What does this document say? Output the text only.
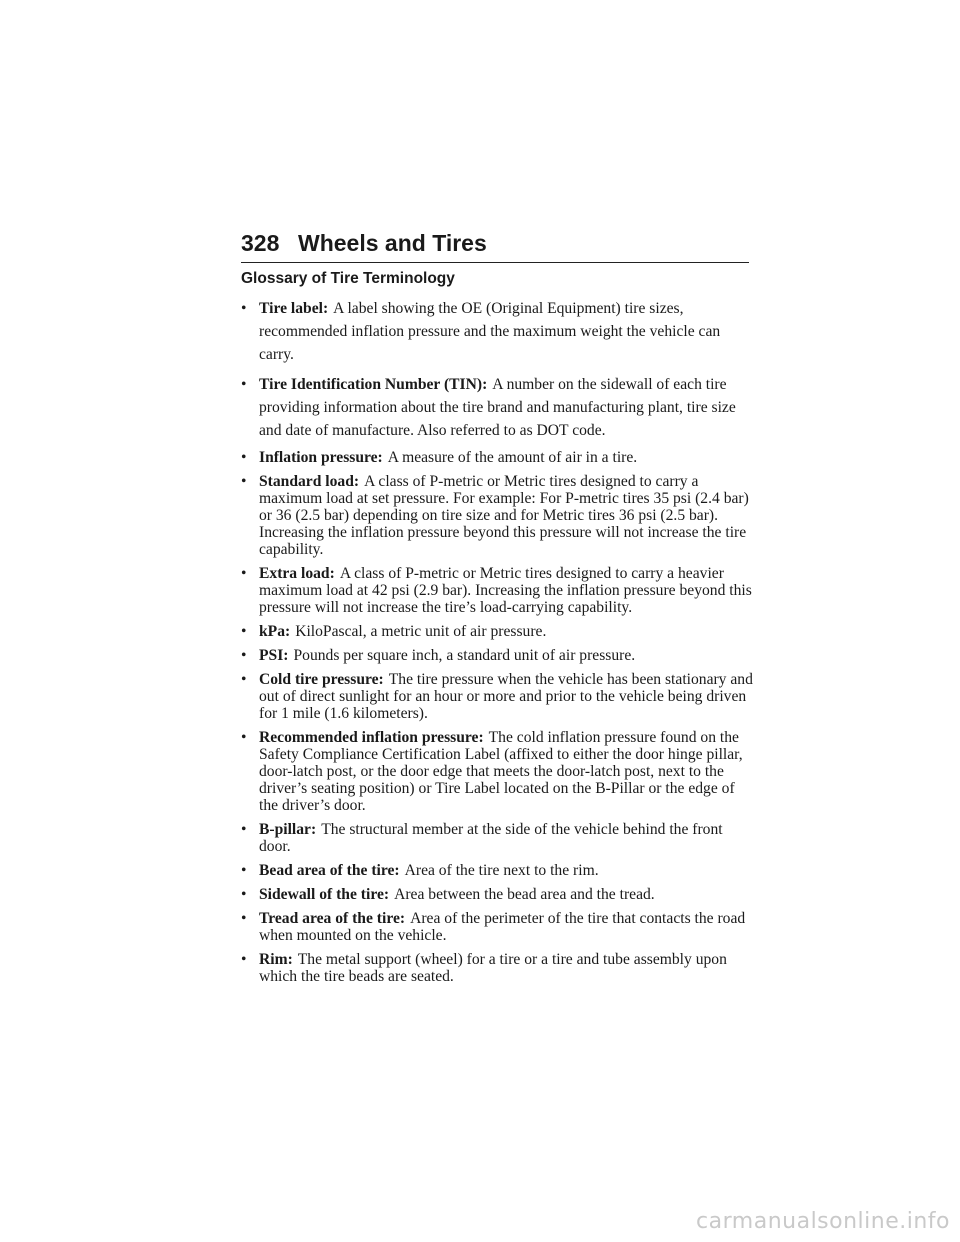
328 Wheels and Tires
Glossary of Tire Terminology
• Tire label: A label showing the OE (Original Equipment) tire sizes, recommended inflation pressure and the maximum weight the vehicle can carry.
• Tire Identification Number (TIN): A number on the sidewall of each tire providing information about the tire brand and manufacturing plant, tire size and date of manufacture. Also referred to as DOT code.
• Inflation pressure: A measure of the amount of air in a tire.
• Standard load: A class of P-metric or Metric tires designed to carry a maximum load at set pressure. For example: For P-metric tires 35 psi (2.4 bar) or 36 (2.5 bar) depending on tire size and for Metric tires 36 psi (2.5 bar). Increasing the inflation pressure beyond this pressure will not increase the tire capability.
• Extra load: A class of P-metric or Metric tires designed to carry a heavier maximum load at 42 psi (2.9 bar). Increasing the inflation pressure beyond this pressure will not increase the tire’s load-carrying capability.
• kPa: KiloPascal, a metric unit of air pressure.
• PSI: Pounds per square inch, a standard unit of air pressure.
• Cold tire pressure: The tire pressure when the vehicle has been stationary and out of direct sunlight for an hour or more and prior to the vehicle being driven for 1 mile (1.6 kilometers).
• Recommended inflation pressure: The cold inflation pressure found on the Safety Compliance Certification Label (affixed to either the door hinge pillar, door-latch post, or the door edge that meets the door-latch post, next to the driver’s seating position) or Tire Label located on the B-Pillar or the edge of the driver’s door.
• B-pillar: The structural member at the side of the vehicle behind the front door.
• Bead area of the tire: Area of the tire next to the rim.
• Sidewall of the tire: Area between the bead area and the tread.
• Tread area of the tire: Area of the perimeter of the tire that contacts the road when mounted on the vehicle.
• Rim: The metal support (wheel) for a tire or a tire and tube assembly upon which the tire beads are seated.
carmanualsonline.info
